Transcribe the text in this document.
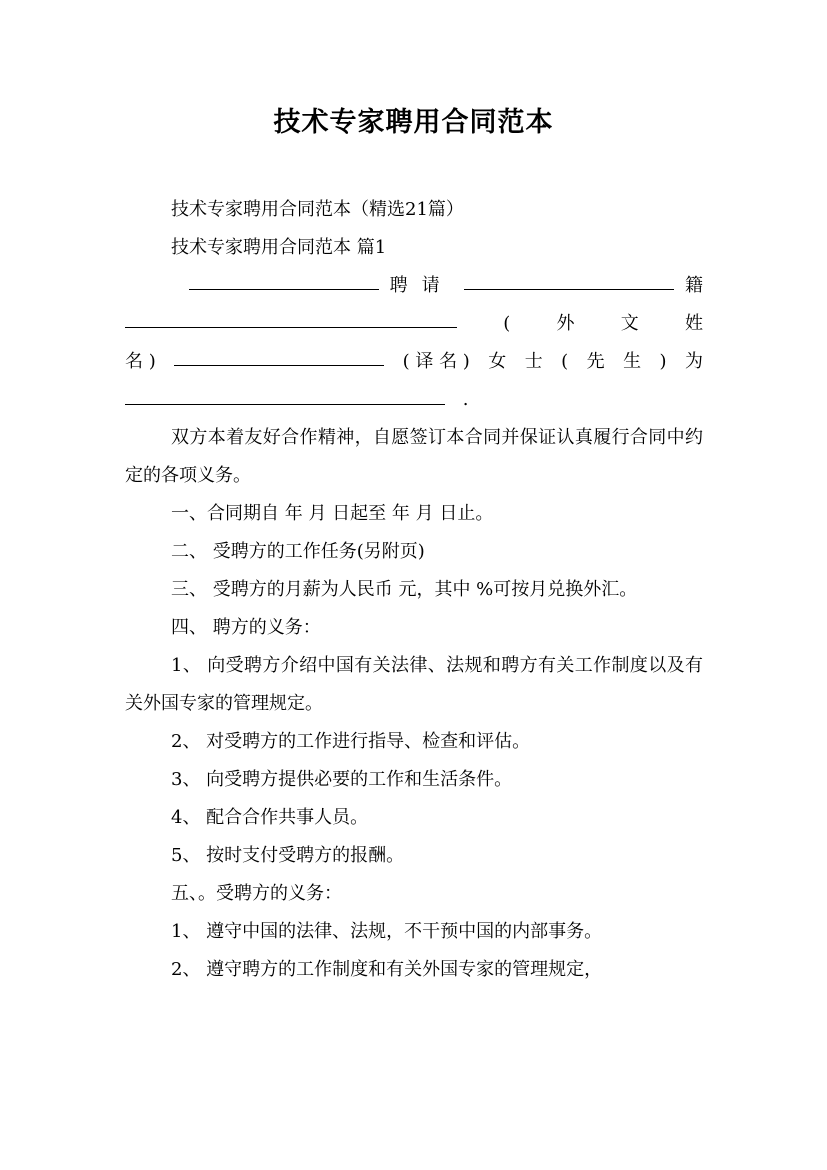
技术专家聘用合同范本

技术专家聘用合同范本（精选21篇）

技术专家聘用合同范本 篇1

聘请	籍
(	外	文	姓
名 )	( 译 名 ) 女 士 ( 先 生 ) 为
.

双方本着友好合作精神，自愿签订本合同并保证认真履行合同中约定的各项义务。

一、合同期自 年 月 日起至 年 月 日止。

二、 受聘方的工作任务(另附页)

三、 受聘方的月薪为人民币 元，其中 %可按月兑换外汇。

四、 聘方的义务：

1、 向受聘方介绍中国有关法律、法规和聘方有关工作制度以及有关外国专家的管理规定。

2、 对受聘方的工作进行指导、检查和评估。

3、 向受聘方提供必要的工作和生活条件。

4、 配合合作共事人员。

5、 按时支付受聘方的报酬。

五、。受聘方的义务：

1、 遵守中国的法律、法规，不干预中国的内部事务。

2、 遵守聘方的工作制度和有关外国专家的管理规定，
